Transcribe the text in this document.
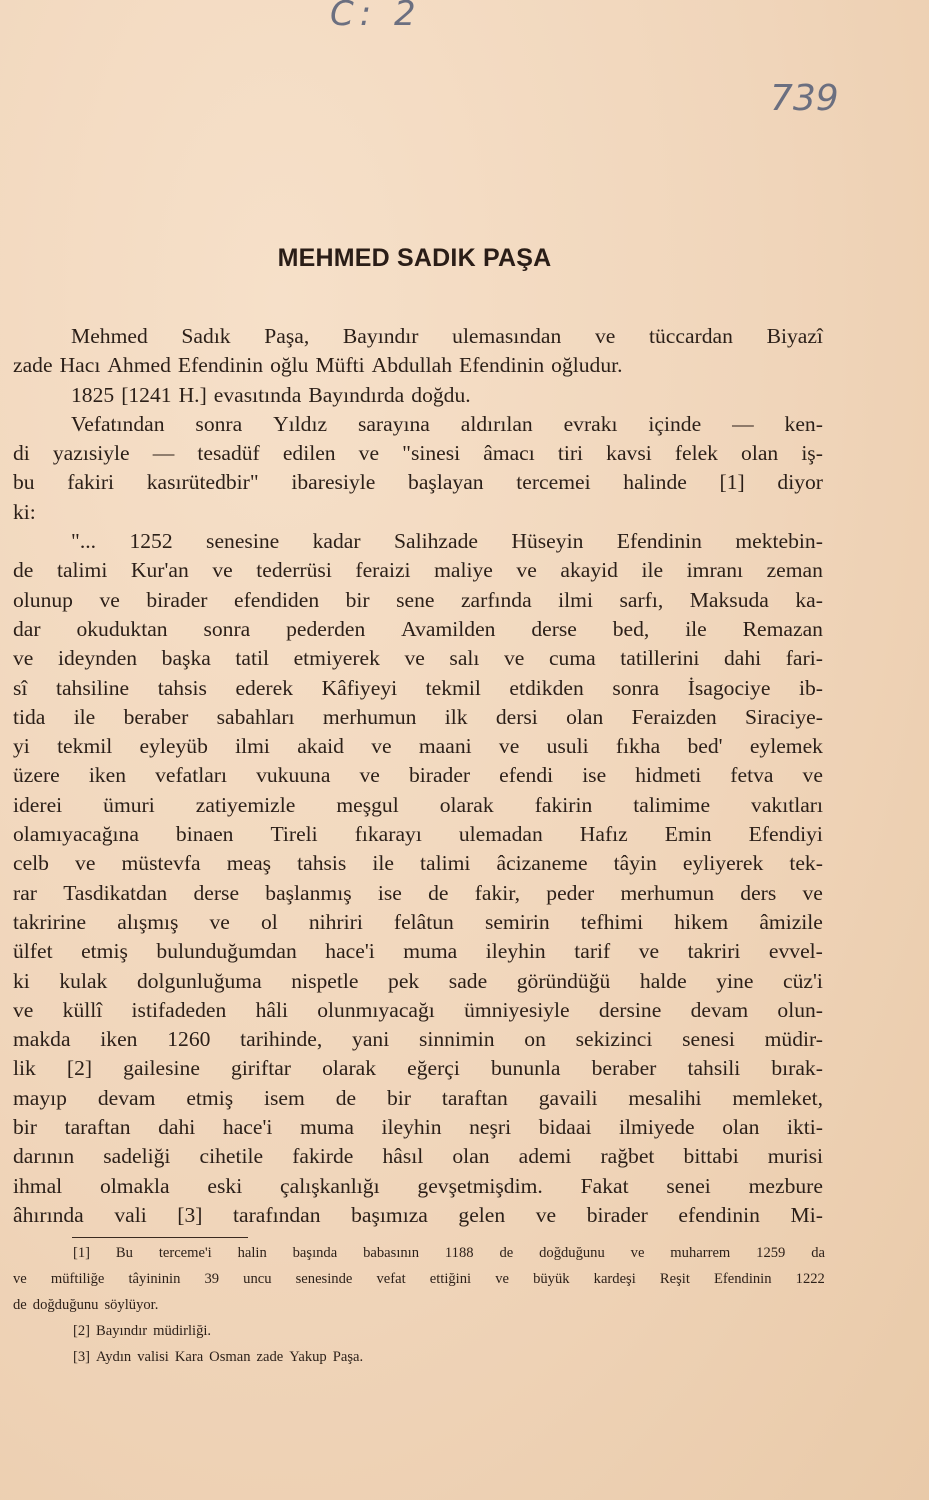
C: 2
739
MEHMED SADIK PAŞA
Mehmed Sadık Paşa, Bayındır ulemasından ve tüccardan Biyazî
zade Hacı Ahmed Efendinin oğlu Müfti Abdullah Efendinin oğludur.
1825 [1241 H.] evasıtında Bayındırda doğdu.
Vefatından sonra Yıldız sarayına aldırılan evrakı içinde — ken-
di yazısiyle — tesadüf edilen ve "sinesi âmacı tiri kavsi felek olan iş-
bu fakiri kasırütedbir" ibaresiyle başlayan tercemei halinde [1] diyor
ki:
"... 1252 senesine kadar Salihzade Hüseyin Efendinin mektebin-
de talimi Kur'an ve tederrüsi feraizi maliye ve akayid ile imranı zeman
olunup ve birader efendiden bir sene zarfında ilmi sarfı, Maksuda ka-
dar okuduktan sonra pederden Avamilden derse bed, ile Remazan
ve ideynden başka tatil etmiyerek ve salı ve cuma tatillerini dahi fari-
sî tahsiline tahsis ederek Kâfiyeyi tekmil etdikden sonra İsagociye ib-
tida ile beraber sabahları merhumun ilk dersi olan Feraizden Siraciye-
yi tekmil eyleyüb ilmi akaid ve maani ve usuli fıkha bed' eylemek
üzere iken vefatları vukuuna ve birader efendi ise hidmeti fetva ve
iderei ümuri zatiyemizle meşgul olarak fakirin talimime vakıtları
olamıyacağına binaen Tireli fıkarayı ulemadan Hafız Emin Efendiyi
celb ve müstevfa meaş tahsis ile talimi âcizaneme tâyin eyliyerek tek-
rar Tasdikatdan derse başlanmış ise de fakir, peder merhumun ders ve
takririne alışmış ve ol nihriri felâtun semirin tefhimi hikem âmizile
ülfet etmiş bulunduğumdan hace'i muma ileyhin tarif ve takriri evvel-
ki kulak dolgunluğuma nispetle pek sade göründüğü halde yine cüz'i
ve küllî istifadeden hâli olunmıyacağı ümniyesiyle dersine devam olun-
makda iken 1260 tarihinde, yani sinnimin on sekizinci senesi müdir-
lik [2] gailesine giriftar olarak eğerçi bununla beraber tahsili bırak-
mayıp devam etmiş isem de bir taraftan gavaili mesalihi memleket,
bir taraftan dahi hace'i muma ileyhin neşri bidaai ilmiyede olan ikti-
darının sadeliği cihetile fakirde hâsıl olan ademi rağbet bittabi murisi
ihmal olmakla eski çalışkanlığı gevşetmişdim. Fakat senei mezbure
âhırında vali [3] tarafından başımıza gelen ve birader efendinin Mi-
[1] Bu terceme'i halin başında babasının 1188 de doğduğunu ve muharrem 1259 da
ve müftiliğe tâyininin 39 uncu senesinde vefat ettiğini ve büyük kardeşi Reşit Efendinin 1222
de doğduğunu söylüyor.
[2] Bayındır müdirliği.
[3] Aydın valisi Kara Osman zade Yakup Paşa.
